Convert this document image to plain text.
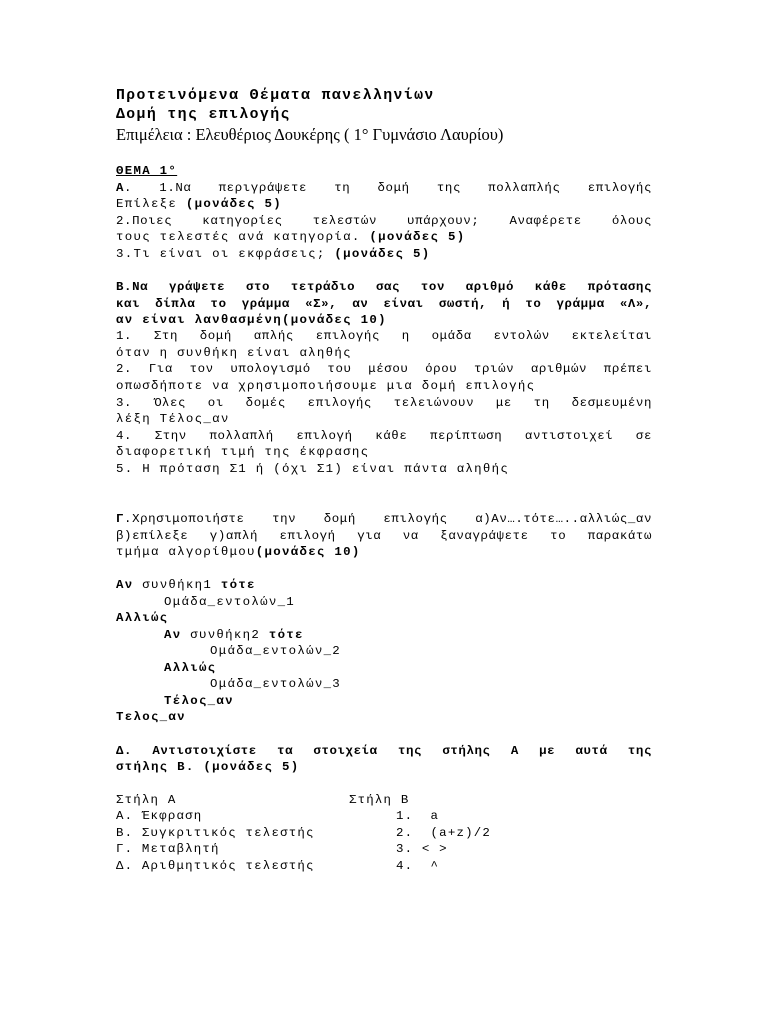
Προτεινόμενα Θέματα πανελληνίων

Δομή της επιλογής

Επιμέλεια : Ελευθέριος Δουκέρης ( 1° Γυμνάσιο Λαυρίου)

ΘΕΜΑ 1°

Α. 1.Να περιγράψετε τη δομή της πολλαπλής επιλογής

Επίλεξε (μονάδες 5)

2.Ποιες κατηγορίες τελεστών υπάρχουν; Αναφέρετε όλους

τους τελεστές ανά κατηγορία. (μονάδες 5)

3.Τι είναι οι εκφράσεις; (μονάδες 5)

Β.Να γράψετε στο τετράδιο σας τον αριθμό κάθε πρότασης

και δίπλα το γράμμα «Σ», αν είναι σωστή, ή το γράμμα «Λ»,

αν είναι λανθασμένη(μονάδες 10)

1. Στη δομή απλής επιλογής η ομάδα εντολών εκτελείται

όταν η συνθήκη είναι αληθής

2. Για τον υπολογισμό του μέσου όρου τριών αριθμών πρέπει

οπωσδήποτε να χρησιμοποιήσουμε μια δομή επιλογής

3. Όλες οι δομές επιλογής τελειώνουν με τη δεσμευμένη

λέξη Τέλος_αν

4. Στην πολλαπλή επιλογή κάθε περίπτωση αντιστοιχεί σε

διαφορετική τιμή της έκφρασης

5. Η πρόταση Σ1 ή (όχι Σ1) είναι πάντα αληθής

Γ.Χρησιμοποιήστε την δομή επιλογής α)Αν….τότε…..αλλιώς_αν

β)επίλεξε γ)απλή επιλογή για να ξαναγράψετε το παρακάτω

τμήμα αλγορίθμου(μονάδες 10)

Αν συνθήκη1 τότε

Ομάδα_εντολών_1

Αλλιώς

Αν συνθήκη2 τότε

Ομάδα_εντολών_2

Αλλιώς

Ομάδα_εντολών_3

Τέλος_αν

Τελος_αν

Δ. Αντιστοιχίστε τα στοιχεία της στήλης Α με αυτά της

στήλης Β. (μονάδες 5)

Στήλη Α	Στήλη Β

Α. Έκφραση

Β. Συγκριτικός τελεστής

Γ. Μεταβλητή

Δ. Αριθμητικός τελεστής

1.  a

2.  (a+z)/2

3. < >

4.  ^
